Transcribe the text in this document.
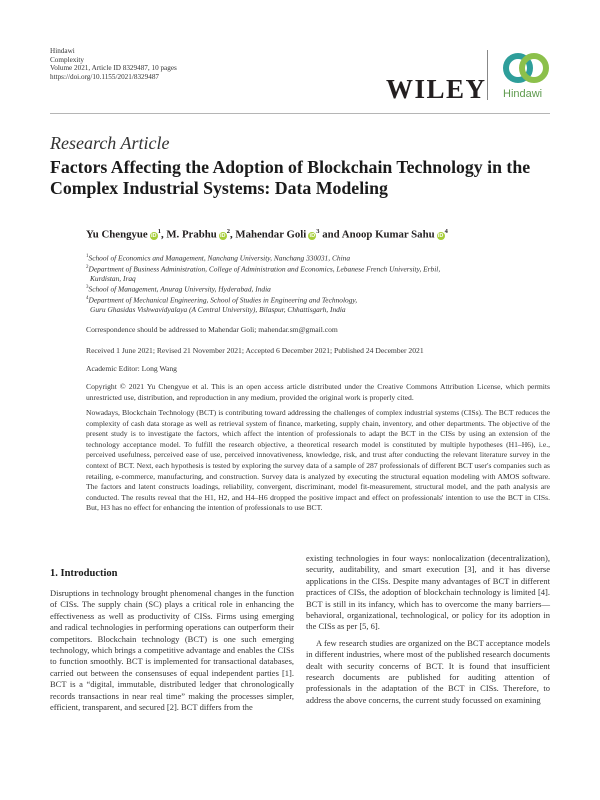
Hindawi
Complexity
Volume 2021, Article ID 8329487, 10 pages
https://doi.org/10.1155/2021/8329487	WILEY Hindawi
Research Article
Factors Affecting the Adoption of Blockchain Technology in the Complex Industrial Systems: Data Modeling
Yu Chengyue $iD^1$, M. Prabhu $iD^2$, Mahendar Goli $iD^3$ and Anoop Kumar Sahu $iD^4$
$^1$School of Economics and Management, Nanchang University, Nanchang 330031, China
$^2$Department of Business Administration, College of Administration and Economics, Lebanese French University, Erbil,
Kurdistan, Iraq
$^3$School of Management, Anurag University, Hyderabad, India
$^4$Department of Mechanical Engineering, School of Studies in Engineering and Technology,
Guru Ghasidas Vishwavidyalaya (A Central University), Bilaspur, Chhattisgarh, India
Correspondence should be addressed to Mahendar Goli; mahendar.sm@gmail.com
Received 1 June 2021; Revised 21 November 2021; Accepted 6 December 2021; Published 24 December 2021
Academic Editor: Long Wang
Copyright © 2021 Yu Chengyue et al. This is an open access article distributed under the Creative Commons Attribution License, which permits unrestricted use, distribution, and reproduction in any medium, provided the original work is properly cited.
Nowadays, Blockchain Technology (BCT) is contributing toward addressing the challenges of complex industrial systems (CISs). The BCT reduces the complexity of cash data storage as well as retrieval system of finance, marketing, supply chain, inventory, and other departments. The objective of the present study is to investigate the factors, which affect the intention of professionals to adapt the BCT in the CISs by using an extension of the technology acceptance model. To fulfill the research objective, a theoretical research model is constituted by multiple hypotheses (H1–H6), i.e., perceived usefulness, perceived ease of use, perceived innovativeness, knowledge, risk, and trust after conducting the relevant literature survey in the context of BCT. Next, each hypothesis is tested by exploring the survey data of a sample of 287 professionals of different BCT user's companies such as retailing, e-commerce, manufacturing, and construction. Survey data is analyzed by executing the structural equation modeling with AMOS software. The factors and latent constructs loadings, reliability, convergent, discriminant, model fit-measurement, structural model, and the path analysis are conducted. The results reveal that the H1, H2, and H4–H6 dropped the positive impact and effect on professionals' intention to use the BCT in CISs. But, H3 has no effect for enhancing the intention of professionals to use BCT.
1. Introduction

Disruptions in technology brought phenomenal changes in the function of CISs. The supply chain (SC) plays a critical role in enhancing the effectiveness as well as productivity of CISs. Firms using emerging and radical technologies in performing operations can outperform their competitors. Blockchain technology (BCT) is one such emerging technology, which brings a competitive advantage and enables the CISs to function smoothly. BCT is implemented for transactional databases, carried out between the consensuses of equal independent parties [1]. BCT is a “digital, immutable, distributed ledger that chronologically records transactions in near real time” making the processes simpler, efficient, transparent, and secured [2]. BCT differs from the

existing technologies in four ways: nonlocalization (decentralization), security, auditability, and smart execution [3], and it has diverse applications in the CISs. Despite many advantages of BCT in different practices of CISs, the adoption of blockchain technology is limited [4]. BCT is still in its infancy, which has to overcome the many barriers—behavioral, organizational, technological, or policy for its adoption in the CISs as per [5, 6].

A few research studies are organized on the BCT acceptance models in different industries, where most of the published research documents dealt with security concerns of BCT. It is found that insufficient research documents are published for auditing attention of professionals in the adaptation of the BCT in CISs. Therefore, to address the above concerns, the current study focussed on examining
